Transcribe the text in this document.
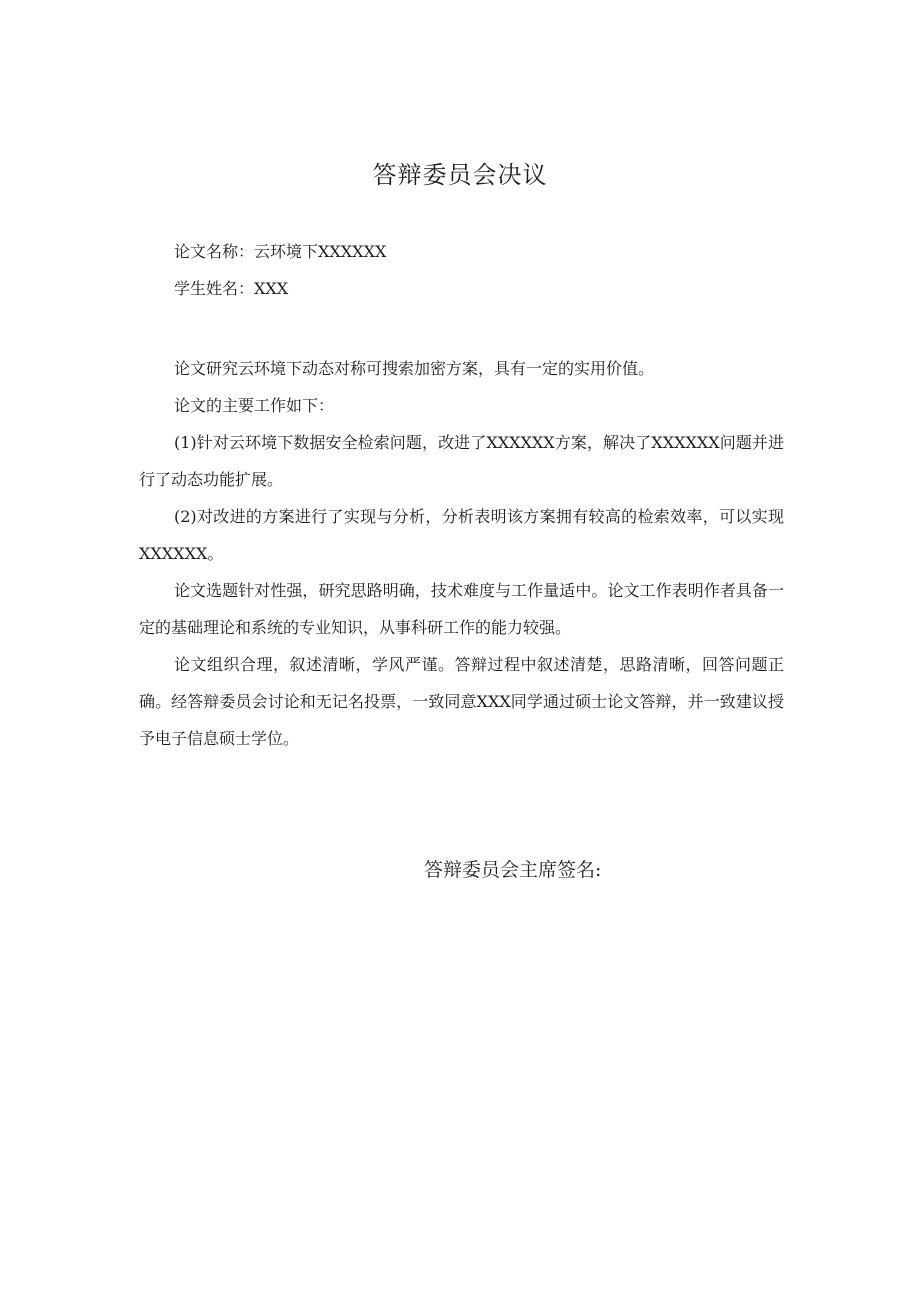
答辩委员会决议
论文名称：云环境下XXXXXX
学生姓名：XXX

论文研究云环境下动态对称可搜索加密方案，具有一定的实用价值。

论文的主要工作如下：

(1)针对云环境下数据安全检索问题，改进了XXXXXX方案，解决了XXXXXX问题并进行了动态功能扩展。

(2)对改进的方案进行了实现与分析，分析表明该方案拥有较高的检索效率，可以实现XXXXXX。

论文选题针对性强，研究思路明确，技术难度与工作量适中。论文工作表明作者具备一定的基础理论和系统的专业知识，从事科研工作的能力较强。

论文组织合理，叙述清晰，学风严谨。答辩过程中叙述清楚，思路清晰，回答问题正确。经答辩委员会讨论和无记名投票，一致同意XXX同学通过硕士论文答辩，并一致建议授予电子信息硕士学位。

答辩委员会主席签名:
